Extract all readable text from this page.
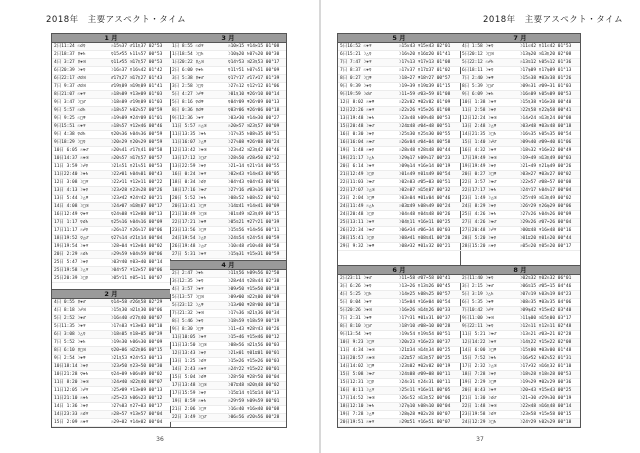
2018年　主要アスペクト・タイム
1 月
2日11:24 ☉☌♀	☉15♑37 ♂11♏37 02°53
2日18:37 ☿⚹♄	☿15♐55 ♄11♑57 00°53
4日 3:27 ☿⚹♃	☿11♐55 ♃17♏57 00°53
6日20:39 ☽⚹♀	☽16♎37 ♀16♑42 01°42
6日22:17 ♂☌♃	♂17♏27 ♃17♏27 01°43
7日 9:37 ♂☌♃	♂19♏09 ♃19♏09 01°41
8日21:07 ☉⚹♆	☉18♑09 ♆13♓09 01°03
9日 3:47 ☽□♂	☽18♎09 ♂19♏09 01°03
9日 5:57 ☉☌♄	☉18♑57 ♄02♑57 00°59
9日 9:25 ☉□♅	☉19♑09 ♅24♈09 01°01
9日15:51 ☉⚹♆	☉18♑57 ♆12♓46 00°46
9日 4:38 ♀☌♄	♀20♑36 ♄04♑36 00°59
9日18:29 ☽□♀	☽20♎29 ♀20♑29 00°59
10日 6:05 ☉⚹♂	☉20♑41 ♂17♏41 00°58
10日14:37 ☉⚹♃	☉20♑57 ♃17♏57 00°57
11日 3:59 ☽☍♀	☽21♎51 ♀21♑51 00°53
11日22:40 ☽⚹♄	☽22♐01 ♄04♑01 00°43
12日 3:08 ☽□♆	☽22♐11 ♆12♓11 00°22
13日 4:13 ☽⚹♀	☽23♐28 ♀23♑28 00°26
13日 5:44 ☽△♅	☽23♐42 ♅24♈42 00°21
14日 4:08 ☽□♃	☽24♐07 ♃18♏07 00°17
16日12:49 ☿⚹♆	☿24♑08 ♆12♓08 00°13
17日 1:17 ♀☌♄	♀25♑16 ♄04♑16 00°09
17日11:17 ☉☍♀	☉26♑17 ♀26♑17 00°06
18日19:52 ☿△♂	☿27♑14 ♂21♏14 00°04
19日19:54 ☽⚹♆	☽28♒04 ♆12♓04 00°02
20日 2:29 ☉☌♄	☉29♑59 ♄04♑59 00°06
25日 5:47 ☽⚹♀	☽03♈40 ♀03♒40 00°14
25日19:58 ☽△♆	☽04♈57 ♆12♓57 00°06
25日20:39 ☽□♀	☽05♈11 ♀05♒11 00°07
2 月
4日 0:55 ☿⚹♂	☿14♒58 ♂26♏58 02°29
4日 8:18 ☽☍♃	☽15♏30 ♃21♏30 00°06
5日 2:52 ☽⚹♂	☽16♎40 ♂27♏40 00°07
5日11:35 ☽⚹♆	☽17♎03 ♆13♓03 00°10
6日 3:08 ☽△♀	☽18♎05 ♀18♒05 00°39
7日 5:52 ☽⚹♄	☽19♎30 ♄06♑30 00°09
8日 6:10 ☿□♃	☿20♒06 ♃22♏06 00°15
9日 2:54 ☽⚹♅	☽21♏53 ♅24♈53 00°13
10日18:14 ☽⚹♀	☽23♐50 ♀23♒50 00°30
10日21:28 ☿⚹♄	☿24♒09 ♄06♑09 00°02
11日 8:20 ☽⚹♃	☽24♐40 ♃22♏40 00°07
11日12:05 ☽☍♆	☽25♐09 ♆13♓09 00°13
11日21:10 ☉⚹♄	☉25♒23 ♄06♑23 00°12
14日 1:36 ☽⚹♀	☽27♑03 ♀27♒03 00°17
14日23:33 ☉☌♆	☉28♒57 ♆13♓57 00°04
15日 2:09 ☉⚹♆	☉29♒02 ♆14♓02 00°04
3 月
1日 8:55 ☉☌♆	☉10♓15 ♆14♓15 01°08
1日18:54 ☽□♄	☽10♍20 ♄07♑20 00°30
1日20:22 ☿△♃	☿14♈53 ♃23♏53 00°17
2日 6:00 ♀⚹♄	♀11♈51 ♄07♑51 00°09
3日 5:38 ☿⚹♂	☿17♈17 ♂17♐17 01°39
3日 2:58 ☽□♀	☽27♎12 ♀12♈12 01°06
5日 4:27 ☽☍♅	☽01♏10 ♅26♈10 00°14
5日 8:16 ♀☌♅	♀04♈09 ♅26♈09 00°13
8日 0:36 ☿☌♅	☿03♈06 ♅26♈06 00°18
9日12:36 ☽⚹♆	☽03♐30 ♆14♓30 00°27
11日 5:57 ☉△♃	☉20♓57 ♃23♏57 00°09
11日13:35 ☽⚹♄	☽17♑35 ♄08♑35 00°51
11日16:07 ☽△♅	☽27♑08 ♅26♈08 00°24
12日13:42 ☽⚹♃	☽23♑42 ♃23♏42 00°46
13日17:12 ☽□♂	☽28♑50 ♂28♐50 02°32
13日22:59 ☽⚹♀	☽21♒14 ♀21♈14 00°55
16日 0:24 ☽⚹♆	☽02♓43 ♆14♓43 00°05
18日 0:34 ☽☌♀	☽04♈43 ♀04♈43 00°06
18日17:16 ☽⚹♂	☽27♈16 ♂03♑16 00°11
20日 5:52 ☽⚹♄	☽08♉52 ♄08♑52 00°02
20日13:41 ☽□♆	☽14♊41 ♆14♓41 00°09
21日10:49 ☽□♃	☽01♋49 ♃23♏49 00°15
22日17:21 ☽⚹♅	☽05♋21 ♅27♈21 00°39
23日13:56 ☽□♆	☽15♋56 ♆14♓56 00°11
24日19:54 ☽△♀	☽24♋54 ♀24♈54 00°59
26日19:48 ☽△♂	☽10♌48 ♂10♑48 00°58
27日 5:31 ☽⚹♆	☽15♍31 ♆15♓31 00°59
4 月
2日 2:47 ☽⚹♄	☽11♏56 ♄09♑56 02°50
3日12:35 ☽⚹♀	☽28♐44 ♀28♉44 02°38
4日 3:57 ☽⚹♆	☽09♐50 ♆15♓50 00°18
5日13:57 ☽□♃	☽09♐00 ♃22♏00 00°09
5日23:12 ☽△♅	☽13♐00 ♅28♈00 00°10
7日21:32 ☽⚹♃	☽17♑36 ♃21♏36 00°34
8日 5:46 ☽⚹♀	☽18♑59 ♀18♉59 00°19
9日 8:30 ☽□♅	☽11♒43 ♅28♈43 00°26
11日10:05 ☽⚹♆	☽15♒46 ♆15♓46 00°12
11日13:50 ☽□♃	☽08♓56 ♃21♏56 00°03
12日13:43 ☽⚹♀	☽21♓01 ♀01♊01 00°01
13日 1:25 ☽☌♆	☽15♓26 ♆15♓26 00°03
14日 2:43 ☉⚹♆	☉24♈22 ♆15♓22 00°01
15日 5:04 ☽☌♅	☽28♈50 ♅28♈50 00°04
17日13:48 ☽□♃	☽07♊48 ♃20♏48 00°02
17日15:59 ☽⚹♀	☽15♊14 ♀15♊14 00°13
19日 8:59 ☉⚹♄	☉29♈59 ♄09♑59 00°01
21日 2:06 ☽□♆	☽16♌40 ♆16♓40 00°08
22日 3:49 ☽□♂	☽06♌56 ♂20♑56 00°28
36
2018年　主要アスペクト・タイム
5 月
5日16:52 ☉⚹♆	☉15♉43 ♆15♓43 02°01
6日15:21 ☽△♀	☽16♑20 ♀16♊20 01°41
7日 7:47 ☽⚹♆	☽17♑13 ♆17♓13 01°08
7日 8:37 ☉⚹♀	☉17♉37 ♀17♊37 01°02
8日 0:27 ☽□♅	☽18♒27 ♅18♈27 00°57
9日 9:39 ☽⚹♀	☽19♒39 ♀19♊39 01°15
9日19:59 ☽☌♂	☽11♒59 ♂03♒59 01°08
12日 8:02 ☉⚹♅	☉22♉02 ♅02♉02 01°09
12日22:26 ☉⚹♆	☉22♉26 ♆15♓26 01°08
13日19:48 ☽⚹♄	☽23♉48 ♄09♑48 00°53
15日20:48 ☽⚹♂	☽24♊48 ♂04♒48 00°51
16日 0:30 ☽⚹♀	☽25♋30 ♀25♋30 00°55
16日16:04 ☉⚹♂	☉26♉04 ♂04♒04 00°58
19日 1:48 ☉⚹♀	☉28♉48 ♀28♋48 00°44
19日21:17 ☽△♄	☽29♍17 ♄09♑17 00°23
20日 6:14 ☽⚹♆	☽09♍14 ♆16♓14 00°19
21日12:49 ☽□♀	☽01♎49 ♀01♋49 00°54
22日11:03 ☽⚹♂	☽02♎03 ♂05♒03 00°51
22日17:07 ☽△♃	☽02♎07 ♃15♏07 00°32
23日 2:04 ☽□♅	☽03♎04 ♅01♉04 00°46
24日11:49 ☉△♄	☉03♊49 ♄08♑49 00°24
24日20:48 ☽□♀	☽04♎48 ♀04♋48 00°26
25日13:11 ☽⚹♆	☽04♏11 ♆16♓11 00°25
26日22:34 ☽⚹♂	☽06♐34 ♂06♒34 00°03
28日15:41 ☽□♀	☽08♐41 ♀08♋41 00°20
29日 9:32 ☽⚹♅	☽08♐32 ♅01♉32 00°21
6 月
2日23:11 ☽⚹♂	☽11♒58 ♂07♒58 00°41
3日 6:26 ☽⚹♀	☽13♒26 ♀13♋26 00°45
4日 5:25 ☽□♄	☽14♓25 ♄08♑25 00°57
5日 0:04 ☽⚹♆	☽15♓04 ♆16♓04 00°54
5日20:26 ☽⚹♃	☽16♓26 ♃14♏26 00°33
7日 2:31 ☽⚹♅	☽17♈31 ♅01♉31 00°37
8日 8:10 ☽□♂	☽18♈10 ♂08♒10 00°28
9日13:54 ☽⚹♀	☽19♉54 ♀19♋54 00°51
10日 9:23 ☽□♆	☽20♉23 ♆16♓23 00°37
11日 4:34 ☽⚹♃	☽21♊34 ♃14♏34 00°25
13日20:57 ☉⚹♃	☉22♊57 ♃13♏57 00°25
14日14:02 ☽□♅	☽23♋02 ♅02♉02 00°19
15日 5:08 ☽⚹♂	☽24♋08 ♂09♒08 00°11
15日12:31 ☽□♀	☽24♌31 ♀24♌31 00°11
16日 0:11 ☽△♆	☽25♌11 ♆16♓11 00°05
17日14:52 ☽⚹♃	☽26♌52 ♃13♏52 00°06
18日12:10 ☽⚹♄	☽27♍10 ♄08♑10 00°04
19日 7:28 ☽△♅	☽28♍28 ♅02♉28 00°07
20日19:51 ☉⚹♆	☉29♊51 ♆16♓51 00°07
7 月
4日 1:58 ☽⚹♀	☽11♌42 ♀11♌42 01°53
5日20:12 ☽□♃	☽13♍20 ♃13♏20 02°08
5日22:12 ☉☍♄	☉13♋12 ♄05♑12 01°36
6日18:11 ☽⚹♀	☽17♍09 ♀17♍09 01°13
7日 2:40 ☽⚹♅	☽15♎38 ♅03♉38 01°26
8日 5:39 ☽□♂	☽09♎31 ♂09♒31 01°03
9日 6:09 ☽⚹♄	☽16♎09 ♄05♑09 00°53
10日 1:38 ☽⚹♆	☽15♏38 ♆16♓38 00°40
11日 2:58 ☽⚹♀	☽22♏58 ♀22♍58 00°41
12日12:24 ☽⚹♃	☽14♐24 ♃13♏24 00°08
13日 2:48 ☽△♅	☽03♐48 ♅03♉48 00°18
14日21:35 ☽□♄	☽16♑35 ♄05♑35 00°54
15日 1:40 ☽☍♂	☽09♑40 ♂09♒40 01°06
16日 4:32 ☽⚹♆	☽18♑32 ♆16♓32 00°49
17日19:49 ☽⚹♃	☽19♒49 ♃13♏49 00°03
19日19:49 ☽⚹♀	☽21♒49 ♀21♍49 00°26
20日 0:27 ☽□♅	☽03♓27 ♅03♉27 00°02
22日 3:57 ☽⚹♂	☽22♓57 ♂08♒57 00°08
22日17:17 ☽⚹♄	☽24♈17 ♄04♑17 00°04
23日 1:49 ☽△♃	☽25♈49 ♃13♏49 00°02
24日 8:29 ☽⚹♀	☽26♈29 ♀26♍29 00°06
25日 4:26 ☽⚹♄	☽27♉26 ♄04♑26 00°09
27日 4:26 ☽⚹♂	☽29♉26 ♂07♒26 00°04
27日20:48 ☽☍♆	☽00♊48 ♆16♓48 00°16
28日 5:20 ☽⚹♀	☽01♊20 ♀01♎20 00°44
28日15:20 ☉⚹♀	☉05♌20 ♀05♎20 00°17
8 月
2日11:40 ☽⚹♀	☽02♋32 ♀02♎32 06°01
3日 2:15 ☽⚹♂	☽06♋15 ♂05♒15 04°46
5日 3:19 ☽△♄	☽07♌19 ♄03♑19 04°23
6日 5:35 ☽⚹♅	☽08♌35 ♅03♉35 04°06
7日10:42 ☽☍♆	☽09♍42 ♆15♓42 03°40
9日11:00 ☽⚹♃	☽11♍00 ♃15♏00 03°17
9日22:11 ☽⚹♀	☽12♎11 ♀12♎11 02°48
11日 5:21 ☽⚹♂	☽13♎21 ♂03♒21 02°28
12日14:22 ☽⚹♆	☽14♏22 ♆15♓22 02°08
14日 6:00 ☽□♅	☽15♏00 ♅03♉00 01°48
15日 7:52 ☽⚹♄	☽16♐52 ♄02♑52 01°31
17日 2:32 ☽△♃	☽17♐32 ♃16♏32 01°10
18日 7:28 ☽⚹♀	☽18♑28 ♀18♎28 00°53
19日 2:29 ☽□♅	☽19♑29 ♅02♉29 00°36
20日 0:43 ☽⚹♆	☽20♒43 ♆15♓43 00°25
21日 1:30 ☽☌♂	☽21♒30 ♂29♑30 00°19
22日 1:48 ☽⚹♃	☽22♓48 ♃16♏48 00°14
23日19:58 ☽☌♆	☽23♓58 ♆15♓58 00°15
24日12:29 ☽□♄	☽24♈29 ♄02♑29 00°18
37
